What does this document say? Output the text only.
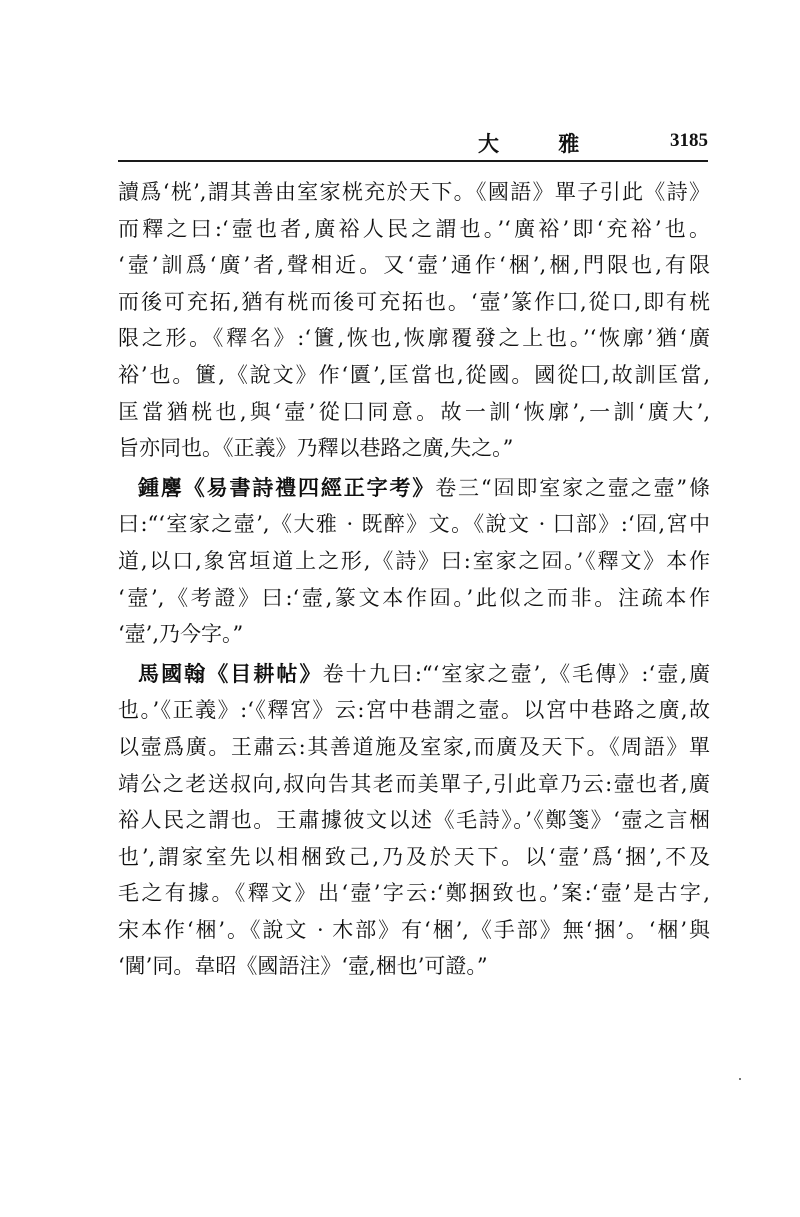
大 雅	3185
讀爲‘桄’,謂其善由室家桄充於天下。《國語》單子引此《詩》
而釋之曰:‘壼也者,廣裕人民之謂也。’‘廣裕’即‘充裕’也。
‘壼’訓爲‘廣’者,聲相近。又‘壼’通作‘梱’,梱,門限也,有限
而後可充拓,猶有桄而後可充拓也。‘壼’篆作囗,從口,即有桄
限之形。《釋名》:‘籄,恢也,恢廓覆發之上也。’‘恢廓’猶‘廣
裕’也。籄,《說文》作‘匵’,匡當也,從國。國從囗,故訓匡當,
匡當猶桄也,與‘壼’從囗同意。故一訓‘恢廓’,一訓‘廣大’,
旨亦同也。《正義》乃釋以巷路之廣,失之。”
鍾麐《易書詩禮四經正字考》卷三“𡇈即室家之壼之壼”條
曰:“‘室家之壼’,《大雅 · 既醉》文。《說文 · 囗部》:‘𡇈,宮中
道,以口,象宮垣道上之形,《詩》曰:室家之𡇈。’《釋文》本作
‘壼’,《考證》曰:‘壼,篆文本作𡇈。’此似之而非。注疏本作
‘壼’,乃今字。”
馬國翰《目耕帖》卷十九曰:“‘室家之壼’,《毛傳》:‘壼,廣
也。’《正義》:‘《釋宮》云:宮中巷謂之壼。以宮中巷路之廣,故
以壼爲廣。王肅云:其善道施及室家,而廣及天下。《周語》單
靖公之老送叔向,叔向告其老而美單子,引此章乃云:壼也者,廣
裕人民之謂也。王肅據彼文以述《毛詩》。’《鄭箋》‘壼之言梱
也’,謂家室先以相梱致己,乃及於天下。以‘壼’爲‘捆’,不及
毛之有據。《釋文》出‘壼’字云:‘鄭捆致也。’案:‘壼’是古字,
宋本作‘梱’。《說文 · 木部》有‘梱’,《手部》無‘捆’。‘梱’與
‘閫’同。韋昭《國語注》‘壼,梱也’可證。”
